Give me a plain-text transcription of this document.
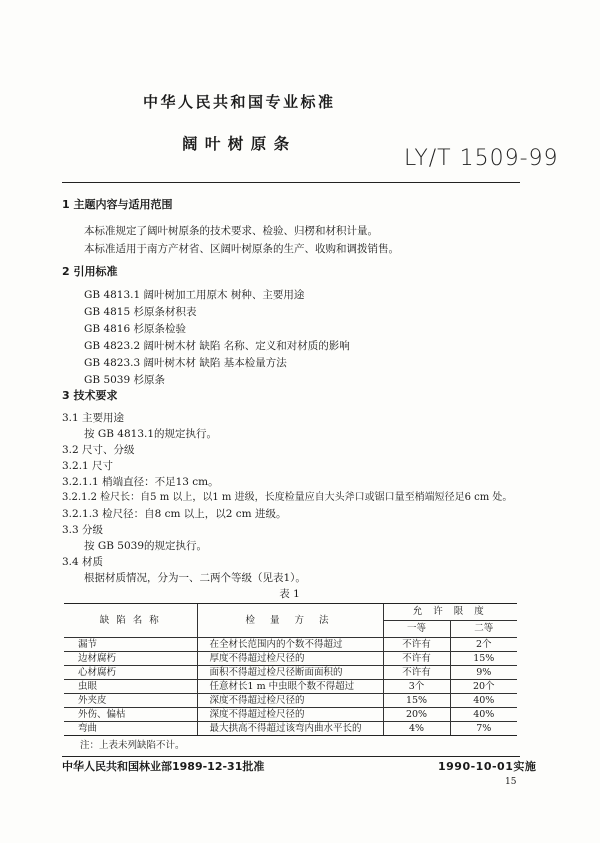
中华人民共和国专业标准
阔 叶 树 原 条
LY/T 1509-99
1 主题内容与适用范围
本标准规定了阔叶树原条的技术要求、检验、归楞和材积计量。
本标准适用于南方产材省、区阔叶树原条的生产、收购和调拨销售。
2 引用标准
GB 4813.1 阔叶树加工用原木 树种、主要用途
GB 4815 杉原条材积表
GB 4816 杉原条检验
GB 4823.2 阔叶树木材 缺陷 名称、定义和对材质的影响
GB 4823.3 阔叶树木材 缺陷 基本检量方法
GB 5039 杉原条
3 技术要求
3.1 主要用途
按 GB 4813.1的规定执行。
3.2 尺寸、分级
3.2.1 尺寸
3.2.1.1 梢端直径：不足13 cm。
3.2.1.2 检尺长：自5 m 以上，以1 m 进级，长度检量应自大头斧口或锯口量至梢端短径足6 cm 处。
3.2.1.3 检尺径：自8 cm 以上，以2 cm 进级。
3.3 分级
按 GB 5039的规定执行。
3.4 材质
根据材质情况，分为一、二两个等级（见表1）。
表 1
缺 陷 名 称	检 量 方 法	允 许 限 度	
		一等	二等
漏节	在全材长范围内的个数不得超过	不许有	2个
边材腐朽	厚度不得超过检尺径的	不许有	15%
心材腐朽	面积不得超过检尺径断面面积的	不许有	9%
虫眼	任意材长1 m 中虫眼个数不得超过	3个	20个
外夹皮	深度不得超过检尺径的	15%	40%
外伤、偏枯	深度不得超过检尺径的	20%	40%
弯曲	最大拱高不得超过该弯内曲水平长的	4%	7%
注：上表未列缺陷不计。
中华人民共和国林业部1989-12-31批准	1990-10-01实施
15
